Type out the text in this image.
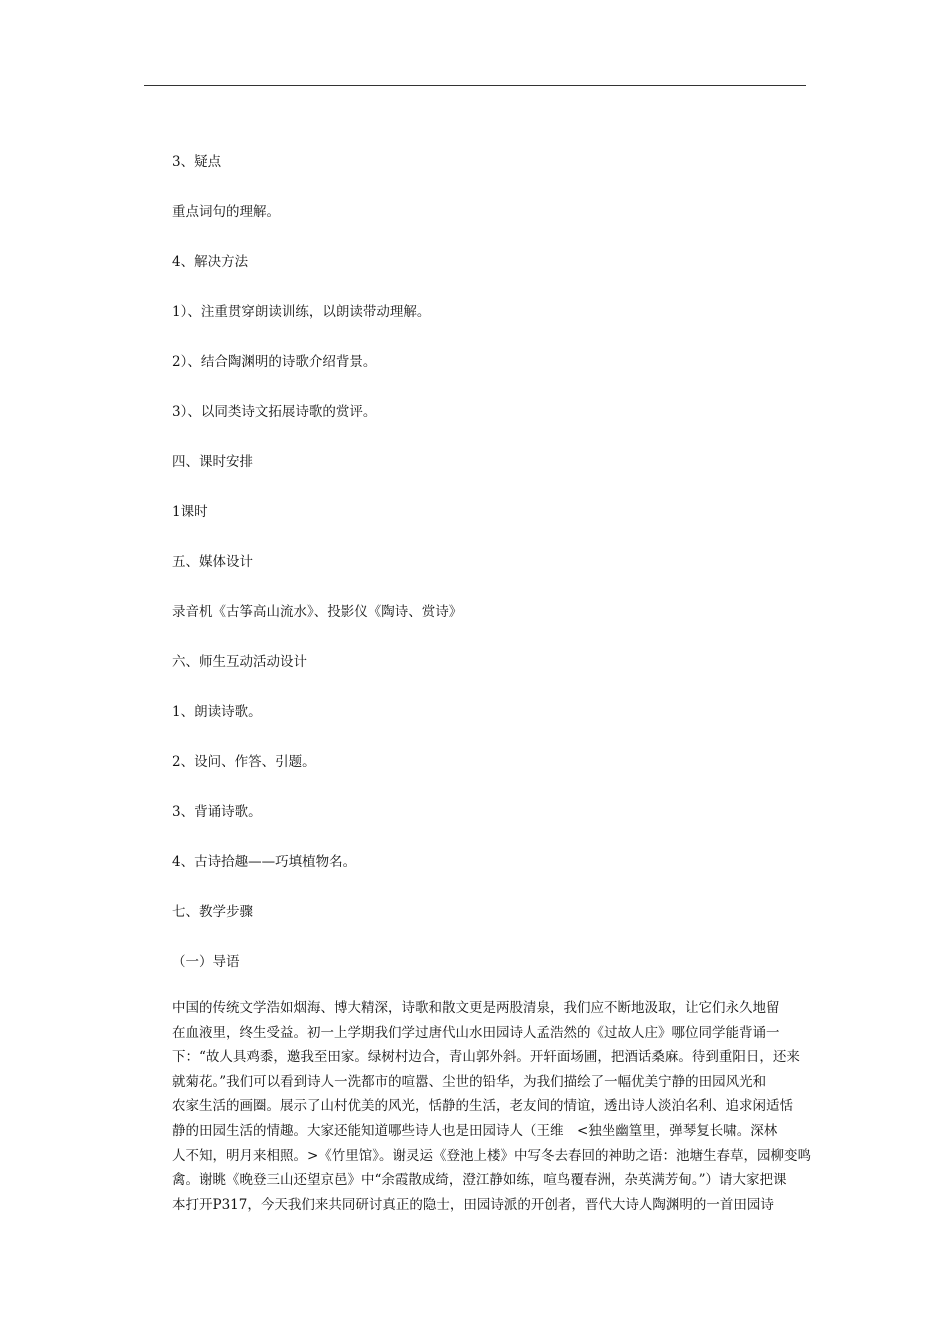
3、疑点
重点词句的理解。
4、解决方法
1）、注重贯穿朗读训练，以朗读带动理解。
2）、结合陶渊明的诗歌介绍背景。
3）、以同类诗文拓展诗歌的赏评。
四、课时安排
1课时
五、媒体设计
录音机《古筝高山流水》、投影仪《陶诗、赏诗》
六、师生互动活动设计
1、朗读诗歌。
2、设问、作答、引题。
3、背诵诗歌。
4、古诗拾趣——巧填植物名。
七、教学步骤
（一）导语
中国的传统文学浩如烟海、博大精深，诗歌和散文更是两股清泉，我们应不断地汲取，让它们永久地留
在血液里，终生受益。初一上学期我们学过唐代山水田园诗人孟浩然的《过故人庄》哪位同学能背诵一
下：“故人具鸡黍，邀我至田家。绿树村边合，青山郭外斜。开轩面场圃，把酒话桑麻。待到重阳日，还来
就菊花。”我们可以看到诗人一洗都市的喧嚣、尘世的铅华，为我们描绘了一幅优美宁静的田园风光和
农家生活的画圈。展示了山村优美的风光，恬静的生活，老友间的情谊，透出诗人淡泊名利、追求闲适恬
静的田园生活的情趣。大家还能知道哪些诗人也是田园诗人（王维　<独坐幽篁里，弹琴复长啸。深林
人不知，明月来相照。>《竹里馆》。谢灵运《登池上楼》中写冬去春回的神助之语：池塘生春草，园柳变鸣
禽。谢眺《晚登三山还望京邑》中“余霞散成绮，澄江静如练，喧鸟覆春洲，杂英满芳甸。”）请大家把课
本打开P317，今天我们来共同研讨真正的隐士，田园诗派的开创者，晋代大诗人陶渊明的一首田园诗
